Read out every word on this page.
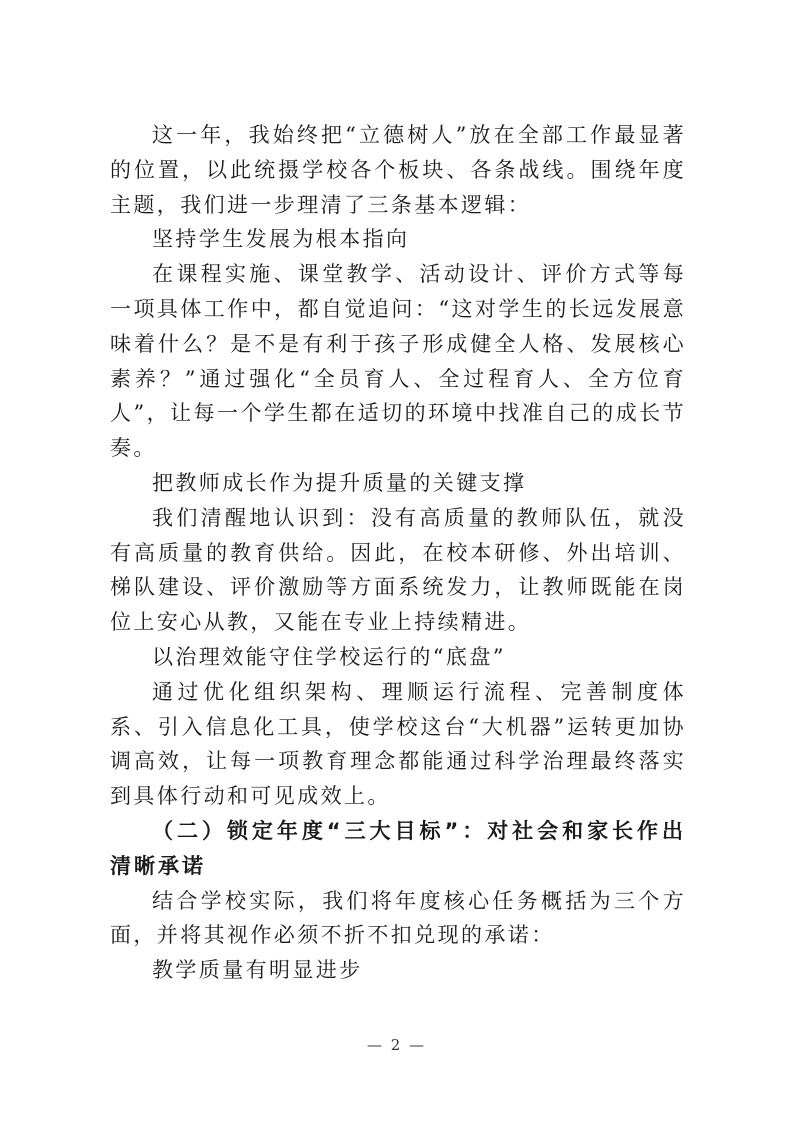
这一年，我始终把“立德树人”放在全部工作最显著的位置，以此统摄学校各个板块、各条战线。围绕年度主题，我们进一步理清了三条基本逻辑：

坚持学生发展为根本指向

在课程实施、课堂教学、活动设计、评价方式等每一项具体工作中，都自觉追问：“这对学生的长远发展意味着什么？是不是有利于孩子形成健全人格、发展核心素养？”通过强化“全员育人、全过程育人、全方位育人”，让每一个学生都在适切的环境中找准自己的成长节奏。

把教师成长作为提升质量的关键支撑

我们清醒地认识到：没有高质量的教师队伍，就没有高质量的教育供给。因此，在校本研修、外出培训、梯队建设、评价激励等方面系统发力，让教师既能在岗位上安心从教，又能在专业上持续精进。

以治理效能守住学校运行的“底盘”

通过优化组织架构、理顺运行流程、完善制度体系、引入信息化工具，使学校这台“大机器”运转更加协调高效，让每一项教育理念都能通过科学治理最终落实到具体行动和可见成效上。

（二）锁定年度“三大目标”：对社会和家长作出清晰承诺

结合学校实际，我们将年度核心任务概括为三个方面，并将其视作必须不折不扣兑现的承诺：

教学质量有明显进步

— 2 —
